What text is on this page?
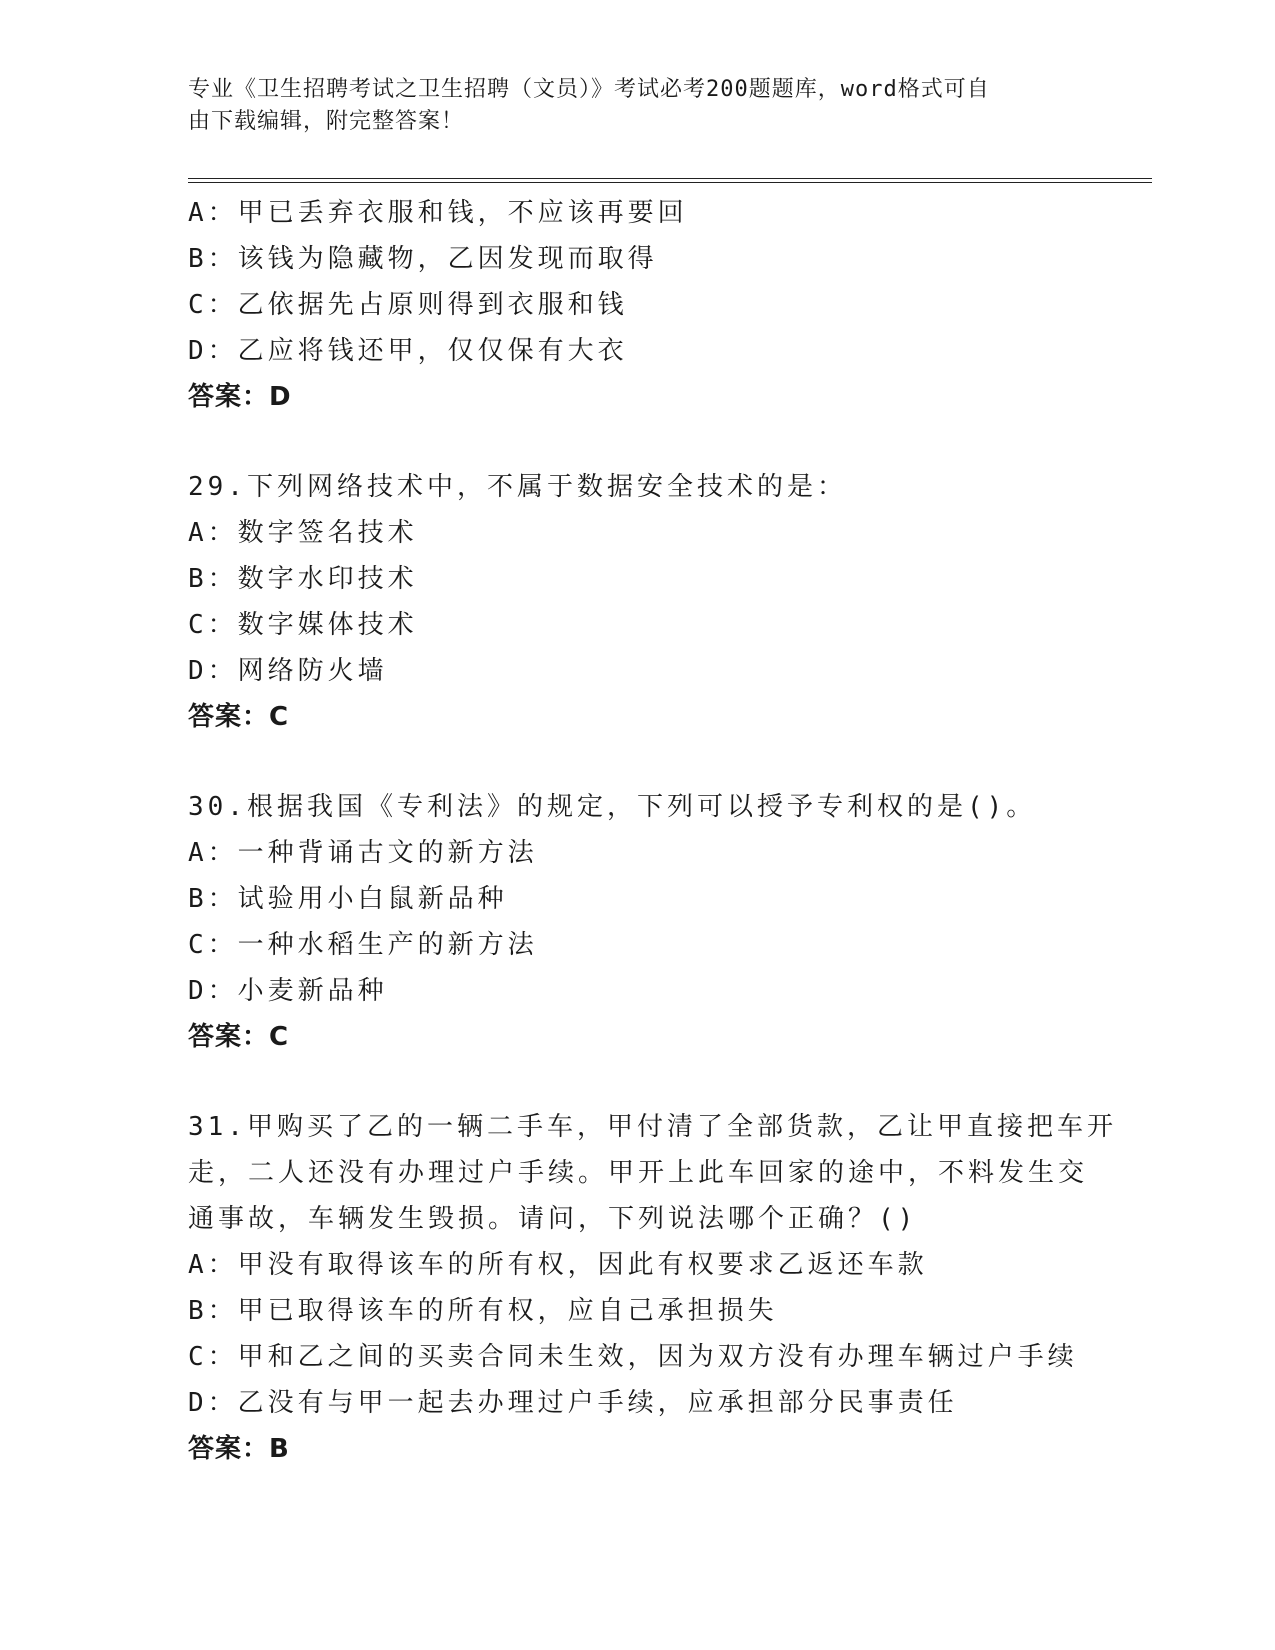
专业《卫生招聘考试之卫生招聘（文员）》考试必考200题题库，word格式可自
由下载编辑，附完整答案！
A：甲已丢弃衣服和钱，不应该再要回
B：该钱为隐藏物，乙因发现而取得
C：乙依据先占原则得到衣服和钱
D：乙应将钱还甲，仅仅保有大衣
答案：D
29.下列网络技术中，不属于数据安全技术的是：
A：数字签名技术
B：数字水印技术
C：数字媒体技术
D：网络防火墙
答案：C
30.根据我国《专利法》的规定，下列可以授予专利权的是()。
A：一种背诵古文的新方法
B：试验用小白鼠新品种
C：一种水稻生产的新方法
D：小麦新品种
答案：C
31.甲购买了乙的一辆二手车，甲付清了全部货款，乙让甲直接把车开
走，二人还没有办理过户手续。甲开上此车回家的途中，不料发生交
通事故，车辆发生毁损。请问，下列说法哪个正确？()
A：甲没有取得该车的所有权，因此有权要求乙返还车款
B：甲已取得该车的所有权，应自己承担损失
C：甲和乙之间的买卖合同未生效，因为双方没有办理车辆过户手续
D：乙没有与甲一起去办理过户手续，应承担部分民事责任
答案：B
